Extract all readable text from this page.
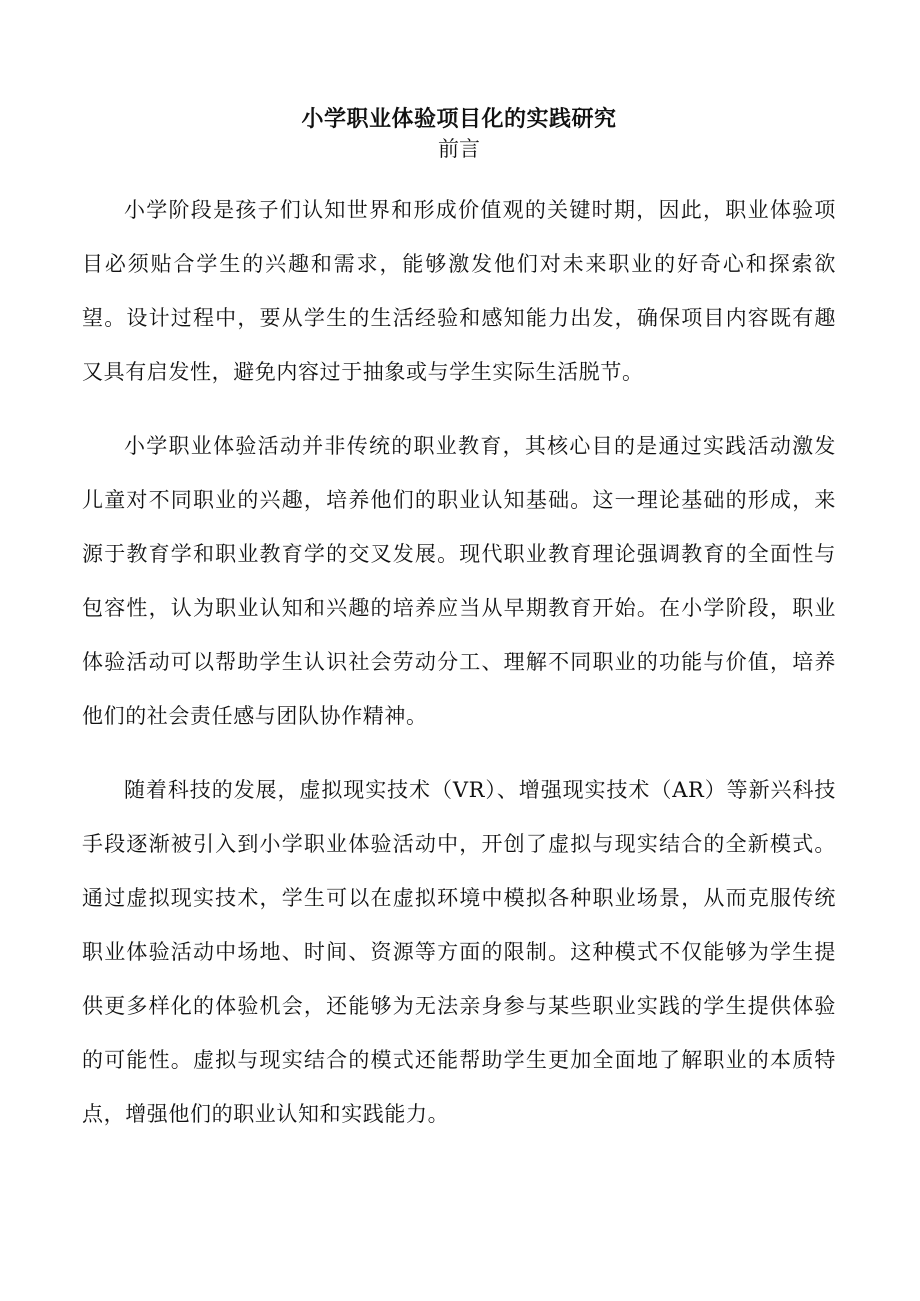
小学职业体验项目化的实践研究
前言

小学阶段是孩子们认知世界和形成价值观的关键时期，因此，职业体验项目必须贴合学生的兴趣和需求，能够激发他们对未来职业的好奇心和探索欲望。设计过程中，要从学生的生活经验和感知能力出发，确保项目内容既有趣又具有启发性，避免内容过于抽象或与学生实际生活脱节。

小学职业体验活动并非传统的职业教育，其核心目的是通过实践活动激发儿童对不同职业的兴趣，培养他们的职业认知基础。这一理论基础的形成，来源于教育学和职业教育学的交叉发展。现代职业教育理论强调教育的全面性与包容性，认为职业认知和兴趣的培养应当从早期教育开始。在小学阶段，职业体验活动可以帮助学生认识社会劳动分工、理解不同职业的功能与价值，培养他们的社会责任感与团队协作精神。

随着科技的发展，虚拟现实技术（VR）、增强现实技术（AR）等新兴科技手段逐渐被引入到小学职业体验活动中，开创了虚拟与现实结合的全新模式。通过虚拟现实技术，学生可以在虚拟环境中模拟各种职业场景，从而克服传统职业体验活动中场地、时间、资源等方面的限制。这种模式不仅能够为学生提供更多样化的体验机会，还能够为无法亲身参与某些职业实践的学生提供体验的可能性。虚拟与现实结合的模式还能帮助学生更加全面地了解职业的本质特点，增强他们的职业认知和实践能力。
